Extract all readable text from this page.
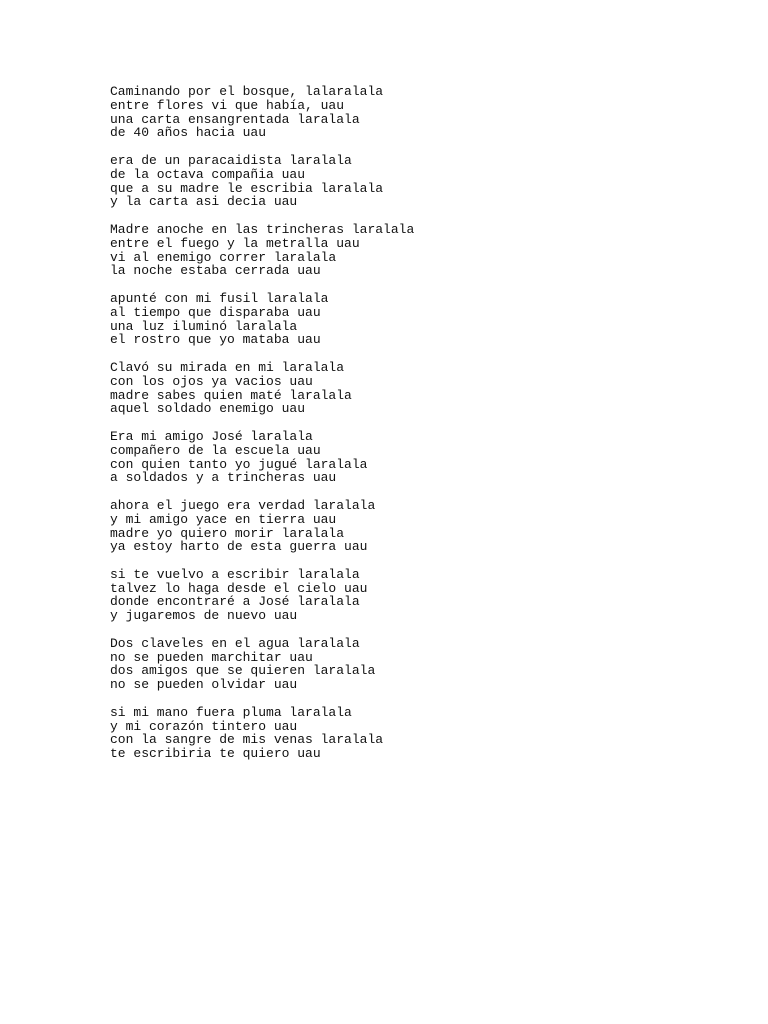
Caminando por el bosque, lalaralala
entre flores vi que había, uau
una carta ensangrentada laralala
de 40 años hacia uau
era de un paracaidista laralala
de la octava compañia uau
que a su madre le escribia laralala
y la carta asi decia uau
Madre anoche en las trincheras laralala
entre el fuego y la metralla uau
vi al enemigo correr laralala
la noche estaba cerrada uau
apunté con mi fusil laralala
al tiempo que disparaba uau
una luz iluminó laralala
el rostro que yo mataba uau
Clavó su mirada en mi laralala
con los ojos ya vacios uau
madre sabes quien maté laralala
aquel soldado enemigo uau
Era mi amigo José laralala
compañero de la escuela uau
con quien tanto yo jugué laralala
a soldados y a trincheras uau
ahora el juego era verdad laralala
y mi amigo yace en tierra uau
madre yo quiero morir laralala
ya estoy harto de esta guerra uau
si te vuelvo a escribir laralala
talvez lo haga desde el cielo uau
donde encontraré a José laralala
y jugaremos de nuevo uau
Dos claveles en el agua laralala
no se pueden marchitar uau
dos amigos que se quieren laralala
no se pueden olvidar uau
si mi mano fuera pluma laralala
y mi corazón tintero uau
con la sangre de mis venas laralala
te escribiria te quiero uau
